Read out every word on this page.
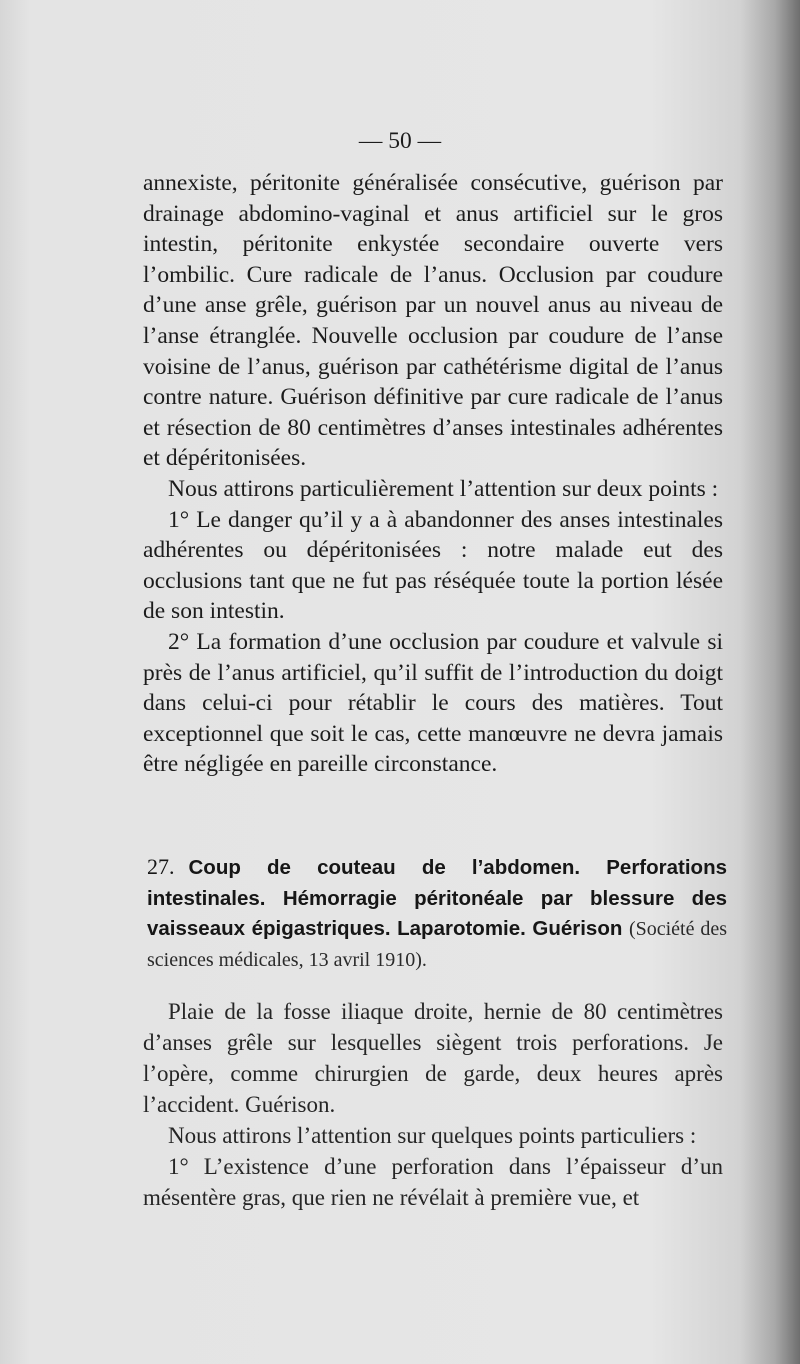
— 50 —

annexiste, péritonite généralisée consécutive, guérison par drainage abdomino-vaginal et anus artificiel sur le gros intestin, péritonite enkystée secondaire ouverte vers l’ombilic. Cure radicale de l’anus. Occlusion par coudure d’une anse grêle, guérison par un nouvel anus au niveau de l’anse étranglée. Nouvelle occlusion par coudure de l’anse voisine de l’anus, guérison par cathétérisme digital de l’anus contre nature. Guérison définitive par cure radicale de l’anus et résection de 80 centimètres d’anses intestinales adhérentes et dépéritonisées.

Nous attirons particulièrement l’attention sur deux points :

1° Le danger qu’il y a à abandonner des anses intestinales adhérentes ou dépéritonisées : notre malade eut des occlusions tant que ne fut pas réséquée toute la portion lésée de son intestin.

2° La formation d’une occlusion par coudure et valvule si près de l’anus artificiel, qu’il suffit de l’introduction du doigt dans celui-ci pour rétablir le cours des matières. Tout exceptionnel que soit le cas, cette manœuvre ne devra jamais être négligée en pareille circonstance.

27. Coup de couteau de l’abdomen. Perforations intestinales. Hémorragie péritonéale par blessure des vaisseaux épigastriques. Laparotomie. Guérison (Société des sciences médicales, 13 avril 1910).

Plaie de la fosse iliaque droite, hernie de 80 centimètres d’anses grêle sur lesquelles siègent trois perforations. Je l’opère, comme chirurgien de garde, deux heures après l’accident. Guérison.

Nous attirons l’attention sur quelques points particuliers :

1° L’existence d’une perforation dans l’épaisseur d’un mésentère gras, que rien ne révélait à première vue, et
